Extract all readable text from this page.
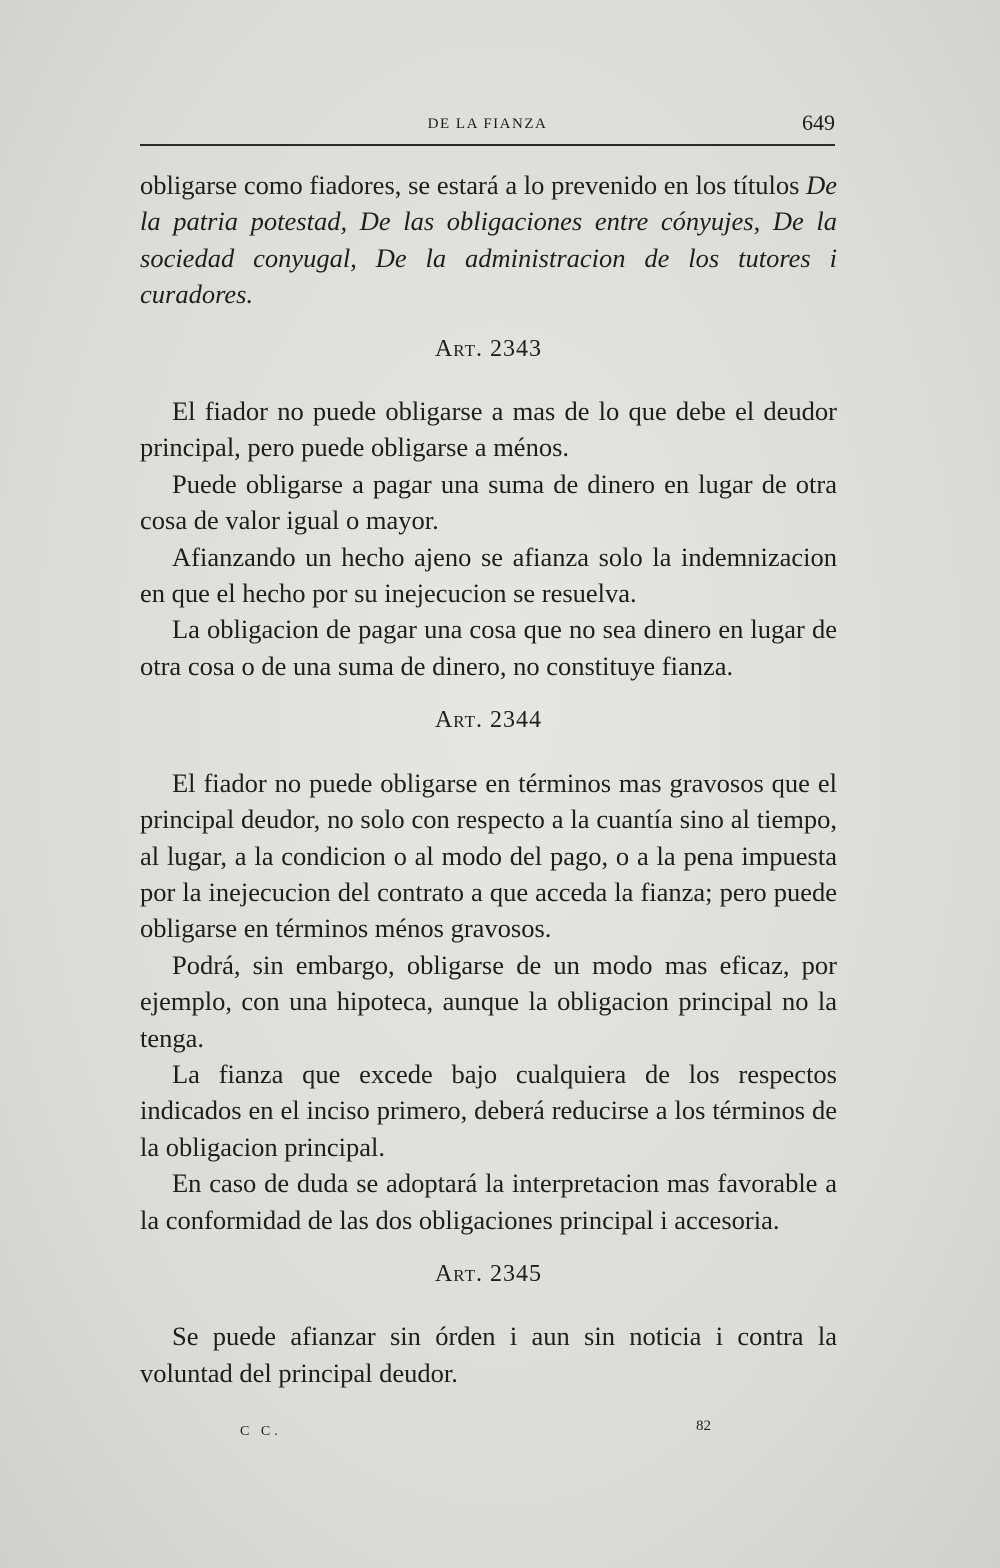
DE LA FIANZA	649

obligarse como fiadores, se estará a lo prevenido en los títulos De la patria potestad, De las obligaciones entre cónyujes, De la sociedad conyugal, De la administracion de los tutores i curadores.

Art. 2343

El fiador no puede obligarse a mas de lo que debe el deudor principal, pero puede obligarse a ménos.

Puede obligarse a pagar una suma de dinero en lugar de otra cosa de valor igual o mayor.

Afianzando un hecho ajeno se afianza solo la indemnizacion en que el hecho por su inejecucion se resuelva.

La obligacion de pagar una cosa que no sea dinero en lugar de otra cosa o de una suma de dinero, no constituye fianza.

Art. 2344

El fiador no puede obligarse en términos mas gravosos que el principal deudor, no solo con respecto a la cuantía sino al tiempo, al lugar, a la condicion o al modo del pago, o a la pena impuesta por la inejecucion del contrato a que acceda la fianza; pero puede obligarse en términos ménos gravosos.

Podrá, sin embargo, obligarse de un modo mas eficaz, por ejemplo, con una hipoteca, aunque la obligacion principal no la tenga.

La fianza que excede bajo cualquiera de los respectos indicados en el inciso primero, deberá reducirse a los términos de la obligacion principal.

En caso de duda se adoptará la interpretacion mas favorable a la conformidad de las dos obligaciones principal i accesoria.

Art. 2345

Se puede afianzar sin órden i aun sin noticia i contra la voluntad del principal deudor.

C C.	82
